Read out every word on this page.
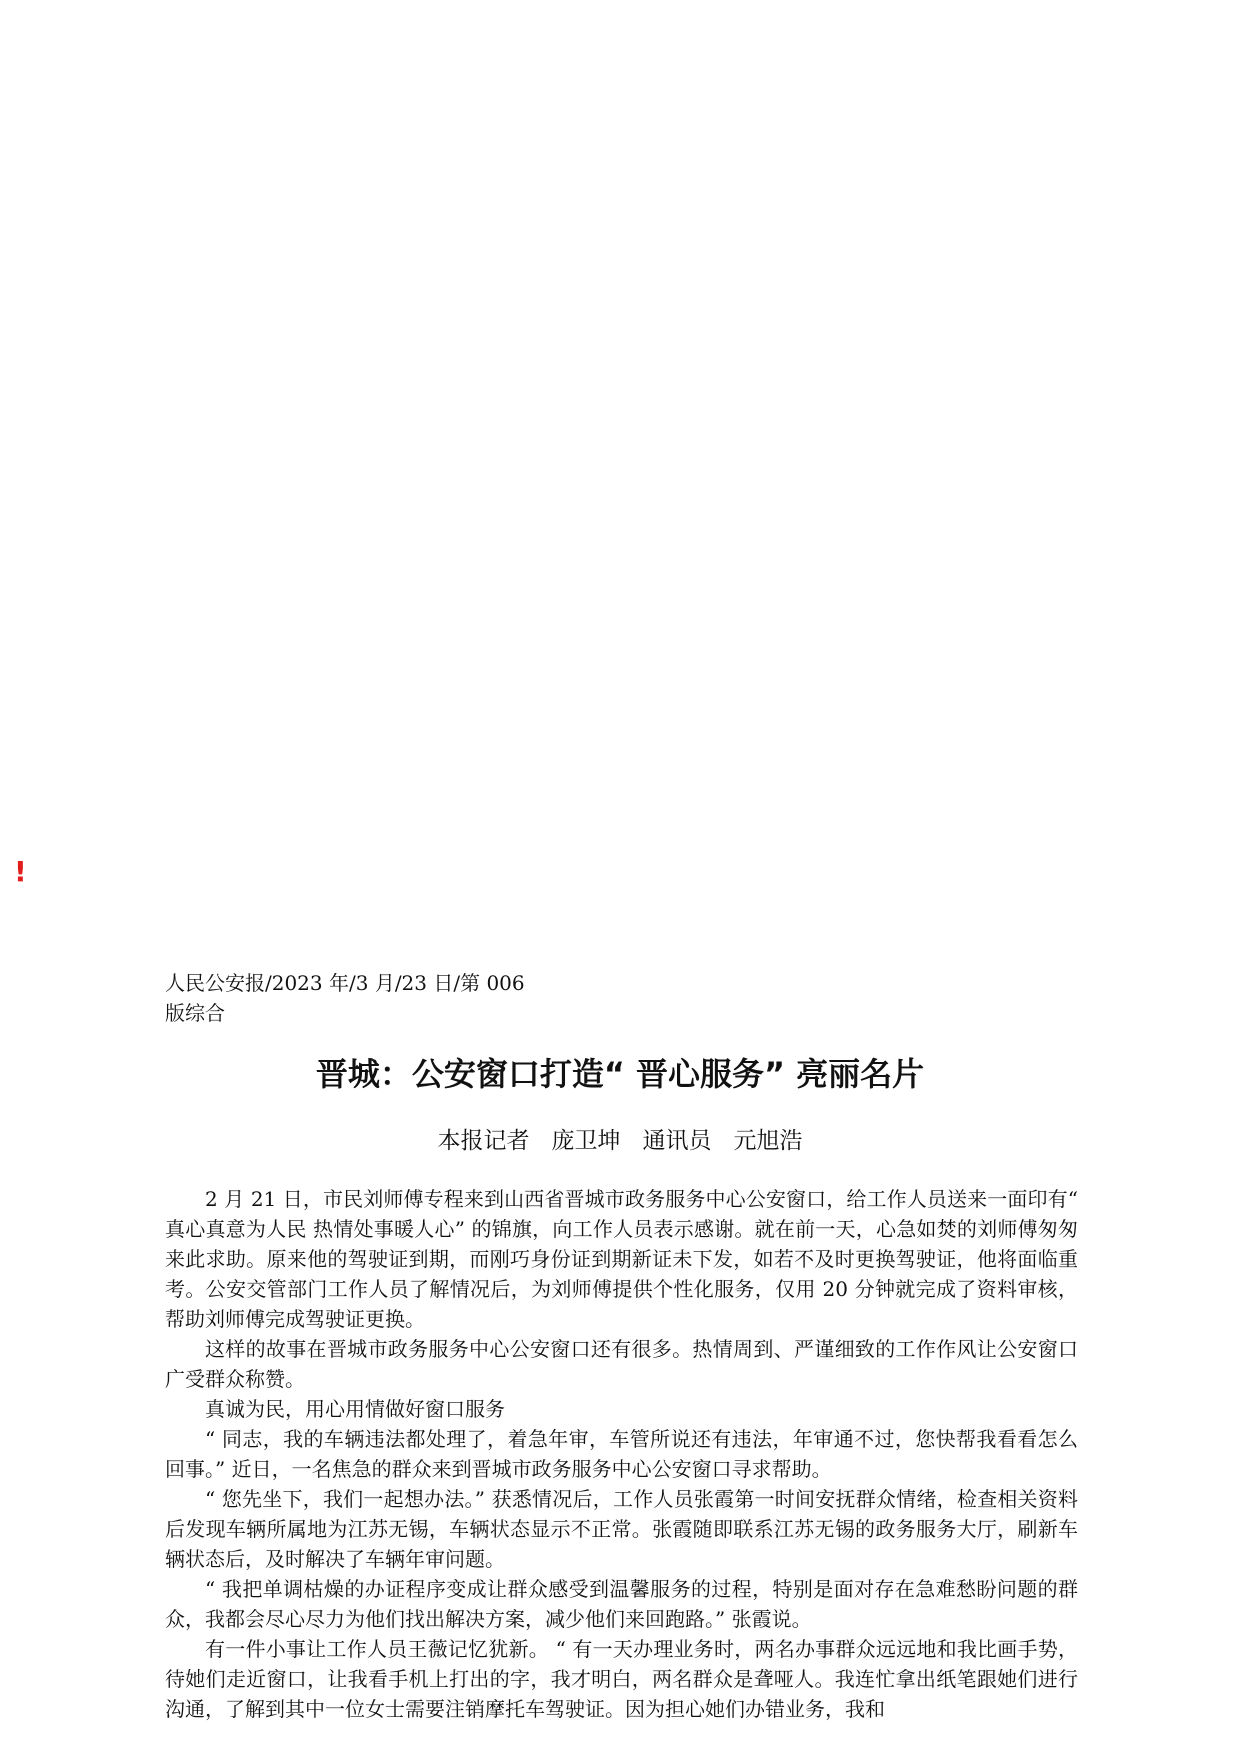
!
人民公安报/2023 年/3 月/23 日/第 006
版综合
晋城：公安窗口打造“ 晋心服务” 亮丽名片
本报记者 庞卫坤 通讯员 元旭浩

2 月 21 日，市民刘师傅专程来到山西省晋城市政务服务中心公安窗口，给工作人员送来一面印有“ 真心真意为人民 热情处事暖人心” 的锦旗，向工作人员表示感谢。就在前一天，心急如焚的刘师傅匆匆来此求助。原来他的驾驶证到期，而刚巧身份证到期新证未下发，如若不及时更换驾驶证，他将面临重考。公安交管部门工作人员了解情况后，为刘师傅提供个性化服务，仅用 20 分钟就完成了资料审核，帮助刘师傅完成驾驶证更换。

这样的故事在晋城市政务服务中心公安窗口还有很多。热情周到、严谨细致的工作作风让公安窗口广受群众称赞。

真诚为民，用心用情做好窗口服务

“ 同志，我的车辆违法都处理了，着急年审，车管所说还有违法，年审通不过，您快帮我看看怎么回事。” 近日，一名焦急的群众来到晋城市政务服务中心公安窗口寻求帮助。

“ 您先坐下，我们一起想办法。” 获悉情况后，工作人员张霞第一时间安抚群众情绪，检查相关资料后发现车辆所属地为江苏无锡，车辆状态显示不正常。张霞随即联系江苏无锡的政务服务大厅，刷新车辆状态后，及时解决了车辆年审问题。

“ 我把单调枯燥的办证程序变成让群众感受到温馨服务的过程，特别是面对存在急难愁盼问题的群众，我都会尽心尽力为他们找出解决方案，减少他们来回跑路。” 张霞说。

有一件小事让工作人员王薇记忆犹新。 “ 有一天办理业务时，两名办事群众远远地和我比画手势，待她们走近窗口，让我看手机上打出的字，我才明白，两名群众是聋哑人。我连忙拿出纸笔跟她们进行沟通，了解到其中一位女士需要注销摩托车驾驶证。因为担心她们办错业务，我和
